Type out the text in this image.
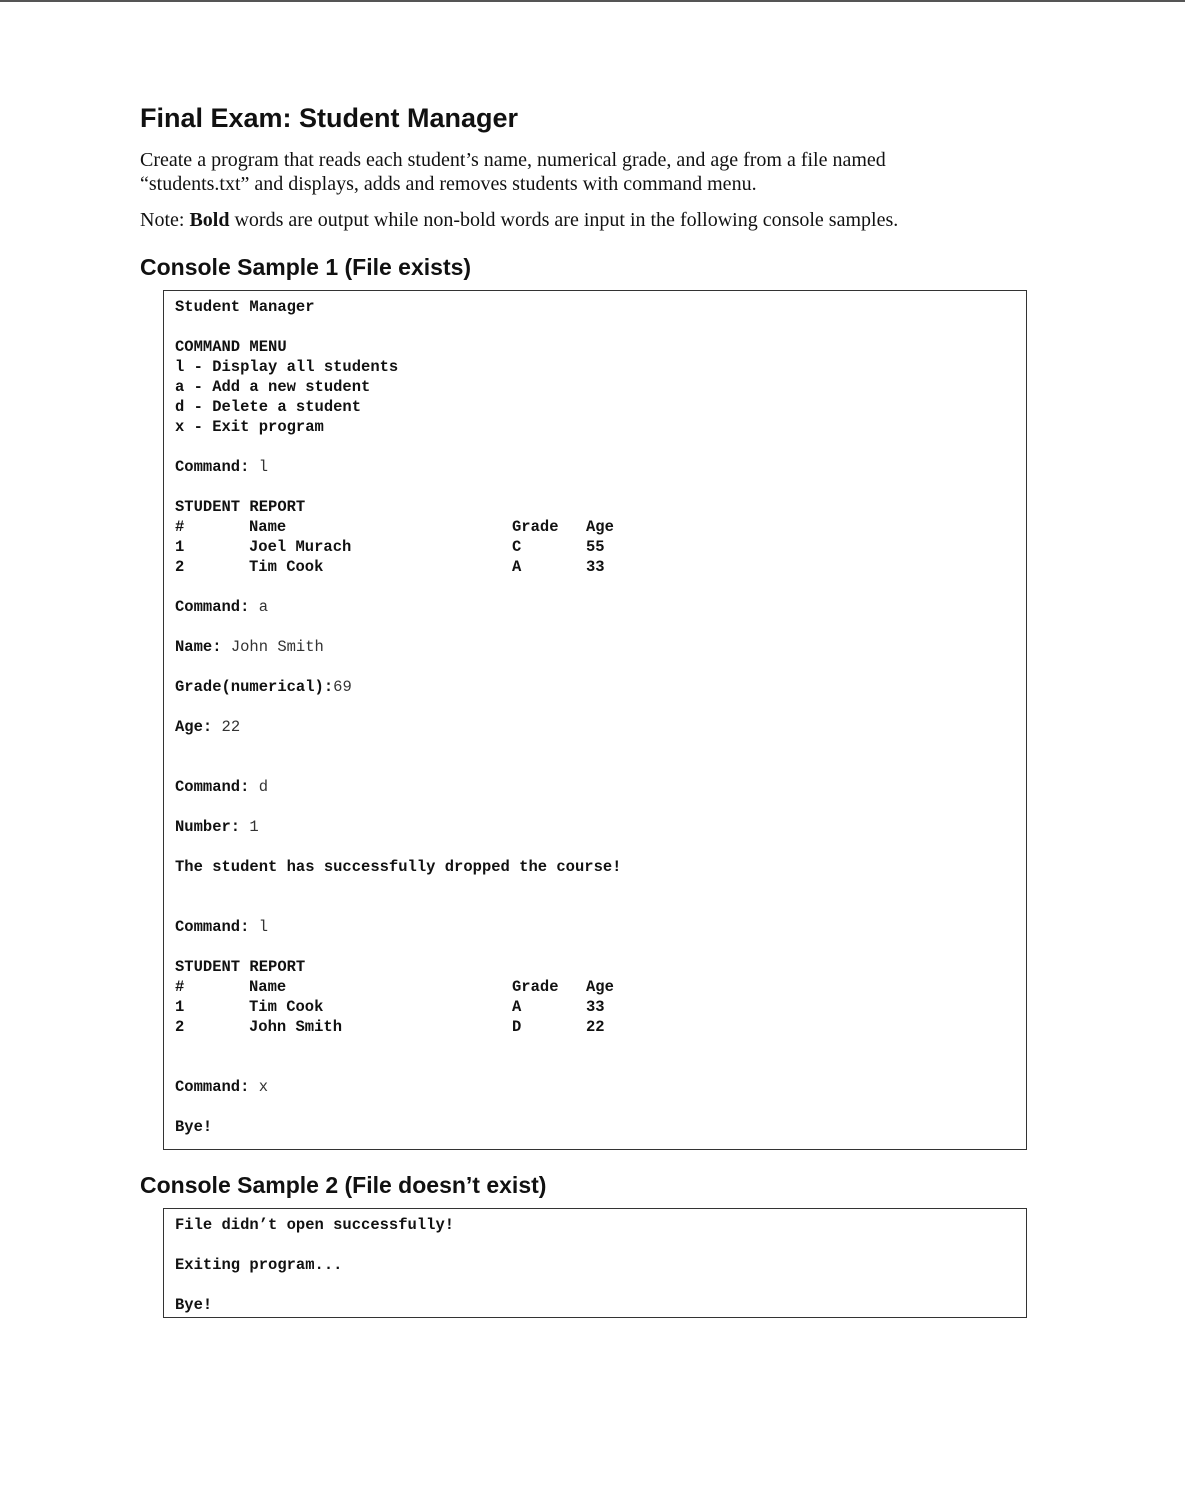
Final Exam: Student Manager

Create a program that reads each student’s name, numerical grade, and age from a file named “students.txt” and displays, adds and removes students with command menu.

Note: Bold words are output while non-bold words are input in the following console samples.

Console Sample 1 (File exists)
Student Manager
COMMAND MENU
l - Display all students
a - Add a new student
d - Delete a student
x - Exit program
Command: l
STUDENT REPORT
#	Name	Grade	Age
1	Joel Murach	C	55
2	Tim Cook	A	33
Command: a
Name: John Smith
Grade(numerical):69
Age: 22
Command: d
Number: 1
The student has successfully dropped the course!
Command: l
STUDENT REPORT
#	Name	Grade	Age
1	Tim Cook	A	33
2	John Smith	D	22
Command: x
Bye!
Console Sample 2 (File doesn’t exist)
File didn’t open successfully!
Exiting program...
Bye!
